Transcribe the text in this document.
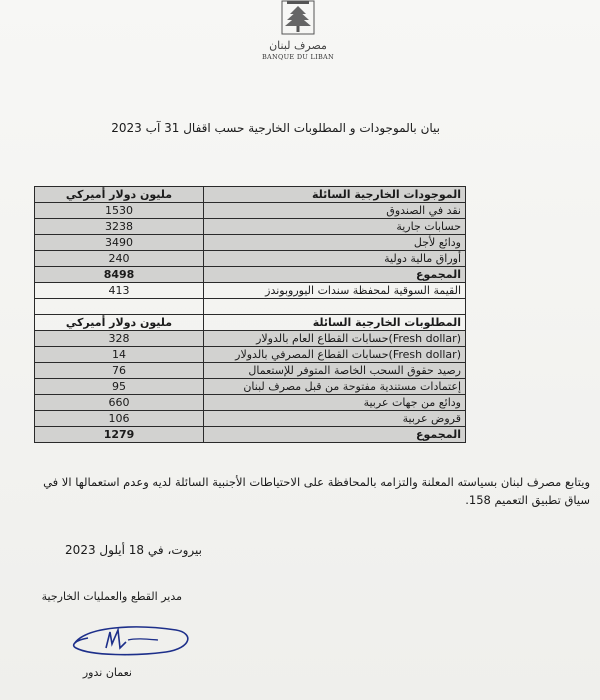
مصرف لبنان
BANQUE DU LIBAN
بيان بالموجودات و المطلوبات الخارجية حسب اقفال 31 آب 2023
الموجودات الخارجية السائلة	مليون دولار أميركي
نقد في الصندوق	1530
حسابات جارية	3238
ودائع لأجل	3490
أوراق مالية دولية	240
المجموع	8498
القيمة السوقية لمحفظة سندات اليوروبوندز	413

المطلوبات الخارجية السائلة	مليون دولار أميركي
(Fresh dollar)حسابات القطاع العام بالدولار	328
(Fresh dollar)حسابات القطاع المصرفي بالدولار	14
رصيد حقوق السحب الخاصة المتوفر للإستعمال	76
إعتمادات مستندية مفتوحة من قبل مصرف لبنان	95
ودائع من جهات عربية	660
قروض عربية	106
المجموع	1279
ويتابع مصرف لبنان بسياسته المعلنة والتزامه بالمحافظة على الاحتياطات الأجنبية السائلة لديه وعدم استعمالها الا في سياق تطبيق التعميم 158.
بيروت، في 18 أيلول 2023
مدير القطع والعمليات الخارجية
نعمان ندور
